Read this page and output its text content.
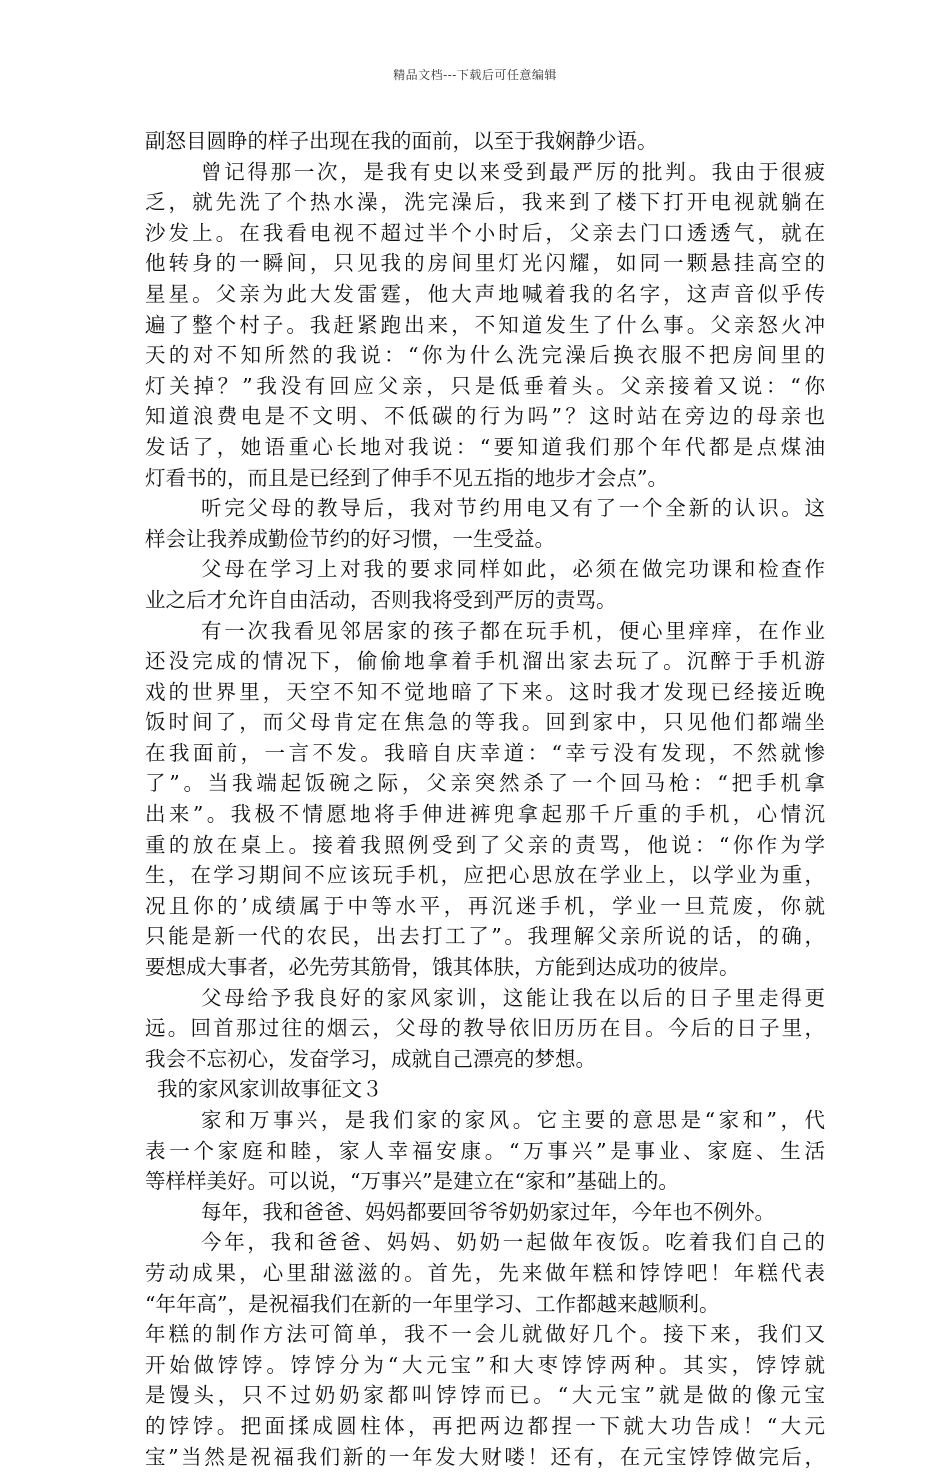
精品文档---下载后可任意编辑
副怒目圆睁的样子出现在我的面前，以至于我娴静少语。
曾记得那一次，是我有史以来受到最严厉的批判。我由于很疲
乏，就先洗了个热水澡，洗完澡后，我来到了楼下打开电视就躺在
沙发上。在我看电视不超过半个小时后，父亲去门口透透气，就在
他转身的一瞬间，只见我的房间里灯光闪耀，如同一颗悬挂高空的
星星。父亲为此大发雷霆，他大声地喊着我的名字，这声音似乎传
遍了整个村子。我赶紧跑出来，不知道发生了什么事。父亲怒火冲
天的对不知所然的我说：“你为什么洗完澡后换衣服不把房间里的
灯关掉？”我没有回应父亲，只是低垂着头。父亲接着又说：“你
知道浪费电是不文明、不低碳的行为吗”？这时站在旁边的母亲也
发话了，她语重心长地对我说：“要知道我们那个年代都是点煤油
灯看书的，而且是已经到了伸手不见五指的地步才会点”。
听完父母的教导后，我对节约用电又有了一个全新的认识。这
样会让我养成勤俭节约的好习惯，一生受益。
父母在学习上对我的要求同样如此，必须在做完功课和检查作
业之后才允许自由活动，否则我将受到严厉的责骂。
有一次我看见邻居家的孩子都在玩手机，便心里痒痒，在作业
还没完成的情况下，偷偷地拿着手机溜出家去玩了。沉醉于手机游
戏的世界里，天空不知不觉地暗了下来。这时我才发现已经接近晚
饭时间了，而父母肯定在焦急的等我。回到家中，只见他们都端坐
在我面前，一言不发。我暗自庆幸道：“幸亏没有发现，不然就惨
了”。当我端起饭碗之际，父亲突然杀了一个回马枪：“把手机拿
出来”。我极不情愿地将手伸进裤兜拿起那千斤重的手机，心情沉
重的放在桌上。接着我照例受到了父亲的责骂，他说：“你作为学
生，在学习期间不应该玩手机，应把心思放在学业上，以学业为重，
况且你的’成绩属于中等水平，再沉迷手机，学业一旦荒废，你就
只能是新一代的农民，出去打工了”。我理解父亲所说的话，的确，
要想成大事者，必先劳其筋骨，饿其体肤，方能到达成功的彼岸。
父母给予我良好的家风家训，这能让我在以后的日子里走得更
远。回首那过往的烟云，父母的教导依旧历历在目。今后的日子里，
我会不忘初心，发奋学习，成就自己漂亮的梦想。
我的家风家训故事征文３
家和万事兴，是我们家的家风。它主要的意思是“家和”，代
表一个家庭和睦，家人幸福安康。“万事兴”是事业、家庭、生活
等样样美好。可以说，“万事兴”是建立在“家和”基础上的。
每年，我和爸爸、妈妈都要回爷爷奶奶家过年，今年也不例外。
今年，我和爸爸、妈妈、奶奶一起做年夜饭。吃着我们自己的
劳动成果，心里甜滋滋的。首先，先来做年糕和饽饽吧！年糕代表
“年年高”，是祝福我们在新的一年里学习、工作都越来越顺利。
年糕的制作方法可简单，我不一会儿就做好几个。接下来，我们又
开始做饽饽。饽饽分为“大元宝”和大枣饽饽两种。其实，饽饽就
是馒头，只不过奶奶家都叫饽饽而已。“大元宝”就是做的像元宝
的饽饽。把面揉成圆柱体，再把两边都捏一下就大功告成！“大元
宝”当然是祝福我们新的一年发大财喽！还有，在元宝饽饽做完后，
